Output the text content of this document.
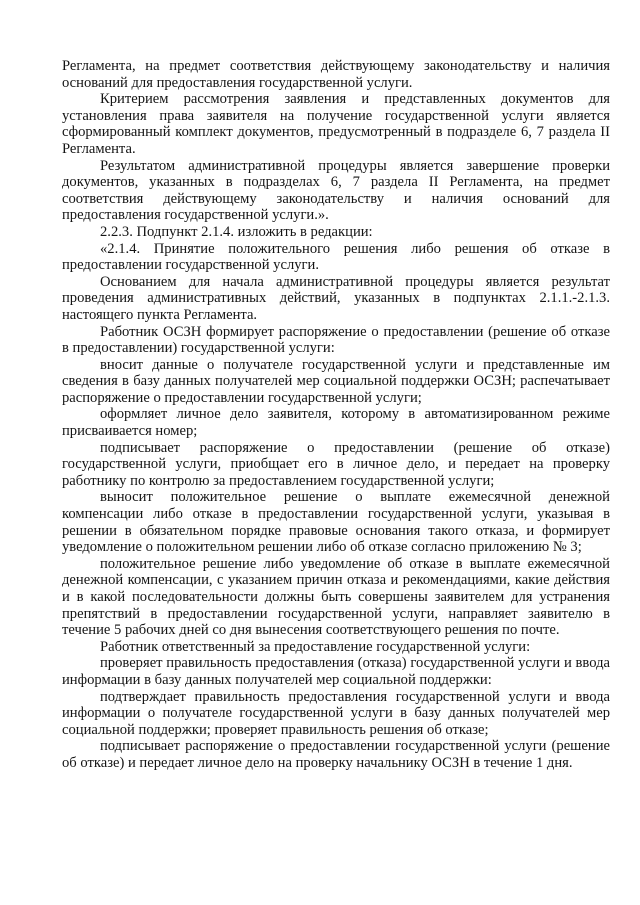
Регламента, на предмет соответствия действующему законодательству и наличия оснований для предоставления государственной услуги.

Критерием рассмотрения заявления и представленных документов для установления права заявителя на получение государственной услуги является сформированный комплект документов, предусмотренный в подразделе 6, 7 раздела II Регламента.

Результатом административной процедуры является завершение проверки документов, указанных в подразделах 6, 7 раздела II Регламента, на предмет соответствия действующему законодательству и наличия оснований для предоставления государственной услуги.».

2.2.3. Подпункт 2.1.4. изложить в редакции:

«2.1.4. Принятие положительного решения либо решения об отказе в предоставлении государственной услуги.

Основанием для начала административной процедуры является результат проведения административных действий, указанных в подпунктах 2.1.1.-2.1.3. настоящего пункта Регламента.

Работник ОСЗН формирует распоряжение о предоставлении (решение об отказе в предоставлении) государственной услуги:

вносит данные о получателе государственной услуги и представленные им сведения в базу данных получателей мер социальной поддержки ОСЗН; распечатывает распоряжение о предоставлении государственной услуги;

оформляет личное дело заявителя, которому в автоматизированном режиме присваивается номер;

подписывает распоряжение о предоставлении (решение об отказе) государственной услуги, приобщает его в личное дело, и передает на проверку работнику по контролю за предоставлением государственной услуги;

выносит положительное решение о выплате ежемесячной денежной компенсации либо отказе в предоставлении государственной услуги, указывая в решении в обязательном порядке правовые основания такого отказа, и формирует уведомление о положительном решении либо об отказе согласно приложению № 3;

положительное решение либо уведомление об отказе в выплате ежемесячной денежной компенсации, с указанием причин отказа и рекомендациями, какие действия и в какой последовательности должны быть совершены заявителем для устранения препятствий в предоставлении государственной услуги, направляет заявителю в течение 5 рабочих дней со дня вынесения соответствующего решения по почте.

Работник ответственный за предоставление государственной услуги:

проверяет правильность предоставления (отказа) государственной услуги и ввода информации в базу данных получателей мер социальной поддержки:

подтверждает правильность предоставления государственной услуги и ввода информации о получателе государственной услуги в базу данных получателей мер социальной поддержки; проверяет правильность решения об отказе;

подписывает распоряжение о предоставлении государственной услуги (решение об отказе) и передает личное дело на проверку начальнику ОСЗН в течение 1 дня.
